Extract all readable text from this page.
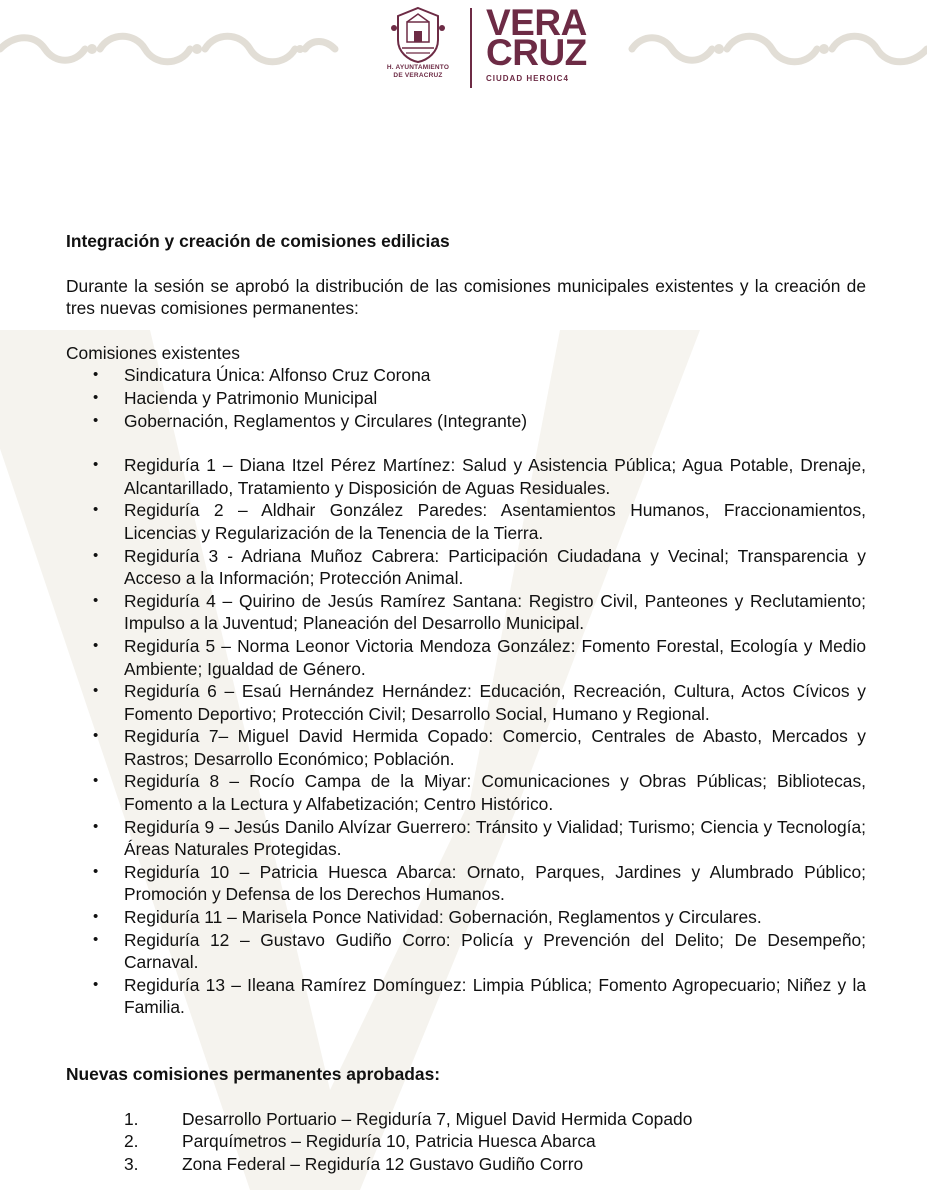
H. AYUNTAMIENTO
DE VERACRUZ
VERA
CRUZ
CIUDAD HEROIC4

Integración y creación de comisiones edilicias

Durante la sesión se aprobó la distribución de las comisiones municipales existentes y la creación de tres nuevas comisiones permanentes:

Comisiones existentes

• Sindicatura Única: Alfonso Cruz Corona
• Hacienda y Patrimonio Municipal
• Gobernación, Reglamentos y Circulares (Integrante)
• Regiduría 1 – Diana Itzel Pérez Martínez: Salud y Asistencia Pública; Agua Potable, Drenaje, Alcantarillado, Tratamiento y Disposición de Aguas Residuales.
• Regiduría 2 – Aldhair González Paredes: Asentamientos Humanos, Fraccionamientos, Licencias y Regularización de la Tenencia de la Tierra.
• Regiduría 3 - Adriana Muñoz Cabrera: Participación Ciudadana y Vecinal; Transparencia y Acceso a la Información; Protección Animal.
• Regiduría 4 – Quirino de Jesús Ramírez Santana: Registro Civil, Panteones y Reclutamiento; Impulso a la Juventud; Planeación del Desarrollo Municipal.
• Regiduría 5 – Norma Leonor Victoria Mendoza González: Fomento Forestal, Ecología y Medio Ambiente; Igualdad de Género.
• Regiduría 6 – Esaú Hernández Hernández: Educación, Recreación, Cultura, Actos Cívicos y Fomento Deportivo; Protección Civil; Desarrollo Social, Humano y Regional.
• Regiduría 7– Miguel David Hermida Copado: Comercio, Centrales de Abasto, Mercados y Rastros; Desarrollo Económico; Población.
• Regiduría 8 – Rocío Campa de la Miyar: Comunicaciones y Obras Públicas; Bibliotecas, Fomento a la Lectura y Alfabetización; Centro Histórico.
• Regiduría 9 – Jesús Danilo Alvízar Guerrero: Tránsito y Vialidad; Turismo; Ciencia y Tecnología; Áreas Naturales Protegidas.
• Regiduría 10 – Patricia Huesca Abarca: Ornato, Parques, Jardines y Alumbrado Público; Promoción y Defensa de los Derechos Humanos.
• Regiduría 11 – Marisela Ponce Natividad: Gobernación, Reglamentos y Circulares.
• Regiduría 12 – Gustavo Gudiño Corro: Policía y Prevención del Delito; De Desempeño; Carnaval.
• Regiduría 13 – Ileana Ramírez Domínguez: Limpia Pública; Fomento Agropecuario; Niñez y la Familia.

Nuevas comisiones permanentes aprobadas:

1. Desarrollo Portuario – Regiduría 7, Miguel David Hermida Copado
2. Parquímetros – Regiduría 10, Patricia Huesca Abarca
3. Zona Federal – Regiduría 12 Gustavo Gudiño Corro
